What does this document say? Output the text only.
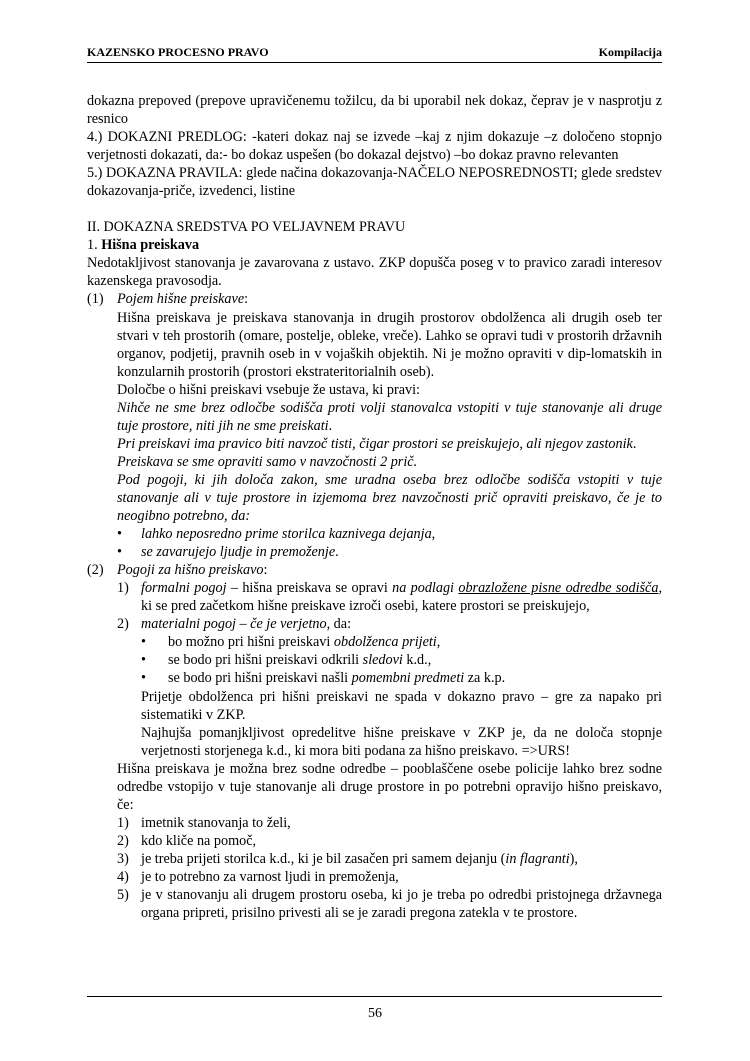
KAZENSKO PROCESNO PRAVO	Kompilacija

dokazna prepoved (prepove upravičenemu tožilcu, da bi uporabil nek dokaz, čeprav je v nasprotju z resnico

4.) DOKAZNI PREDLOG: -kateri dokaz naj se izvede –kaj z njim dokazuje –z določeno stopnjo verjetnosti dokazati, da:- bo dokaz uspešen (bo dokazal dejstvo) –bo dokaz pravno relevanten

5.) DOKAZNA PRAVILA: glede načina dokazovanja-NAČELO NEPOSREDNOSTI; glede sredstev dokazovanja-priče, izvedenci, listine

II. DOKAZNA SREDSTVA PO VELJAVNEM PRAVU

1. Hišna preiskava

Nedotakljivost stanovanja je zavarovana z ustavo. ZKP dopušča poseg v to pravico zaradi interesov kazenskega pravosodja.

(1) Pojem hišne preiskave:

Hišna preiskava je preiskava stanovanja in drugih prostorov obdolženca ali drugih oseb ter stvari v teh prostorih (omare, postelje, obleke, vreče). Lahko se opravi tudi v prostorih državnih organov, podjetij, pravnih oseb in v vojaških objektih. Ni je možno opraviti v dip-lomatskih in konzularnih prostorih (prostori ekstrateritorialnih oseb).

Določbe o hišni preiskavi vsebuje že ustava, ki pravi:

Nihče ne sme brez odločbe sodišča proti volji stanovalca vstopiti v tuje stanovanje ali druge tuje prostore, niti jih ne sme preiskati.

Pri preiskavi ima pravico biti navzoč tisti, čigar prostori se preiskujejo, ali njegov zastonik.

Preiskava se sme opraviti samo v navzočnosti 2 prič.

Pod pogoji, ki jih določa zakon, sme uradna oseba brez odločbe sodišča vstopiti v tuje stanovanje ali v tuje prostore in izjemoma brez navzočnosti prič opraviti preiskavo, če je to neogibno potrebno, da:

•	lahko neposredno prime storilca kaznivega dejanja,
•	se zavarujejo ljudje in premoženje.
(2) Pogoji za hišno preiskavo:
1) formalni pogoj – hišna preiskava se opravi na podlagi obrazložene pisne odredbe sodišča, ki se pred začetkom hišne preiskave izroči osebi, katere prostori se preiskujejo,
2) materialni pogoj – če je verjetno, da:
•	bo možno pri hišni preiskavi obdolženca prijeti,
•	se bodo pri hišni preiskavi odkrili sledovi k.d.,
•	se bodo pri hišni preiskavi našli pomembni predmeti za k.p.

Prijetje obdolženca pri hišni preiskavi ne spada v dokazno pravo – gre za napako pri sistematiki v ZKP.

Najhujša pomanjkljivost opredelitve hišne preiskave v ZKP je, da ne določa stopnje verjetnosti storjenega k.d., ki mora biti podana za hišno preiskavo. =>URS!

Hišna preiskava je možna brez sodne odredbe – pooblaščene osebe policije lahko brez sodne odredbe vstopijo v tuje stanovanje ali druge prostore in po potrebni opravijo hišno preiskavo, če:

1) imetnik stanovanja to želi,
2) kdo kliče na pomoč,
3) je treba prijeti storilca k.d., ki je bil zasačen pri samem dejanju (in flagranti),
4) je to potrebno za varnost ljudi in premoženja,
5) je v stanovanju ali drugem prostoru oseba, ki jo je treba po odredbi pristojnega državnega organa pripreti, prisilno privesti ali se je zaradi pregona zatekla v te prostore.
56
